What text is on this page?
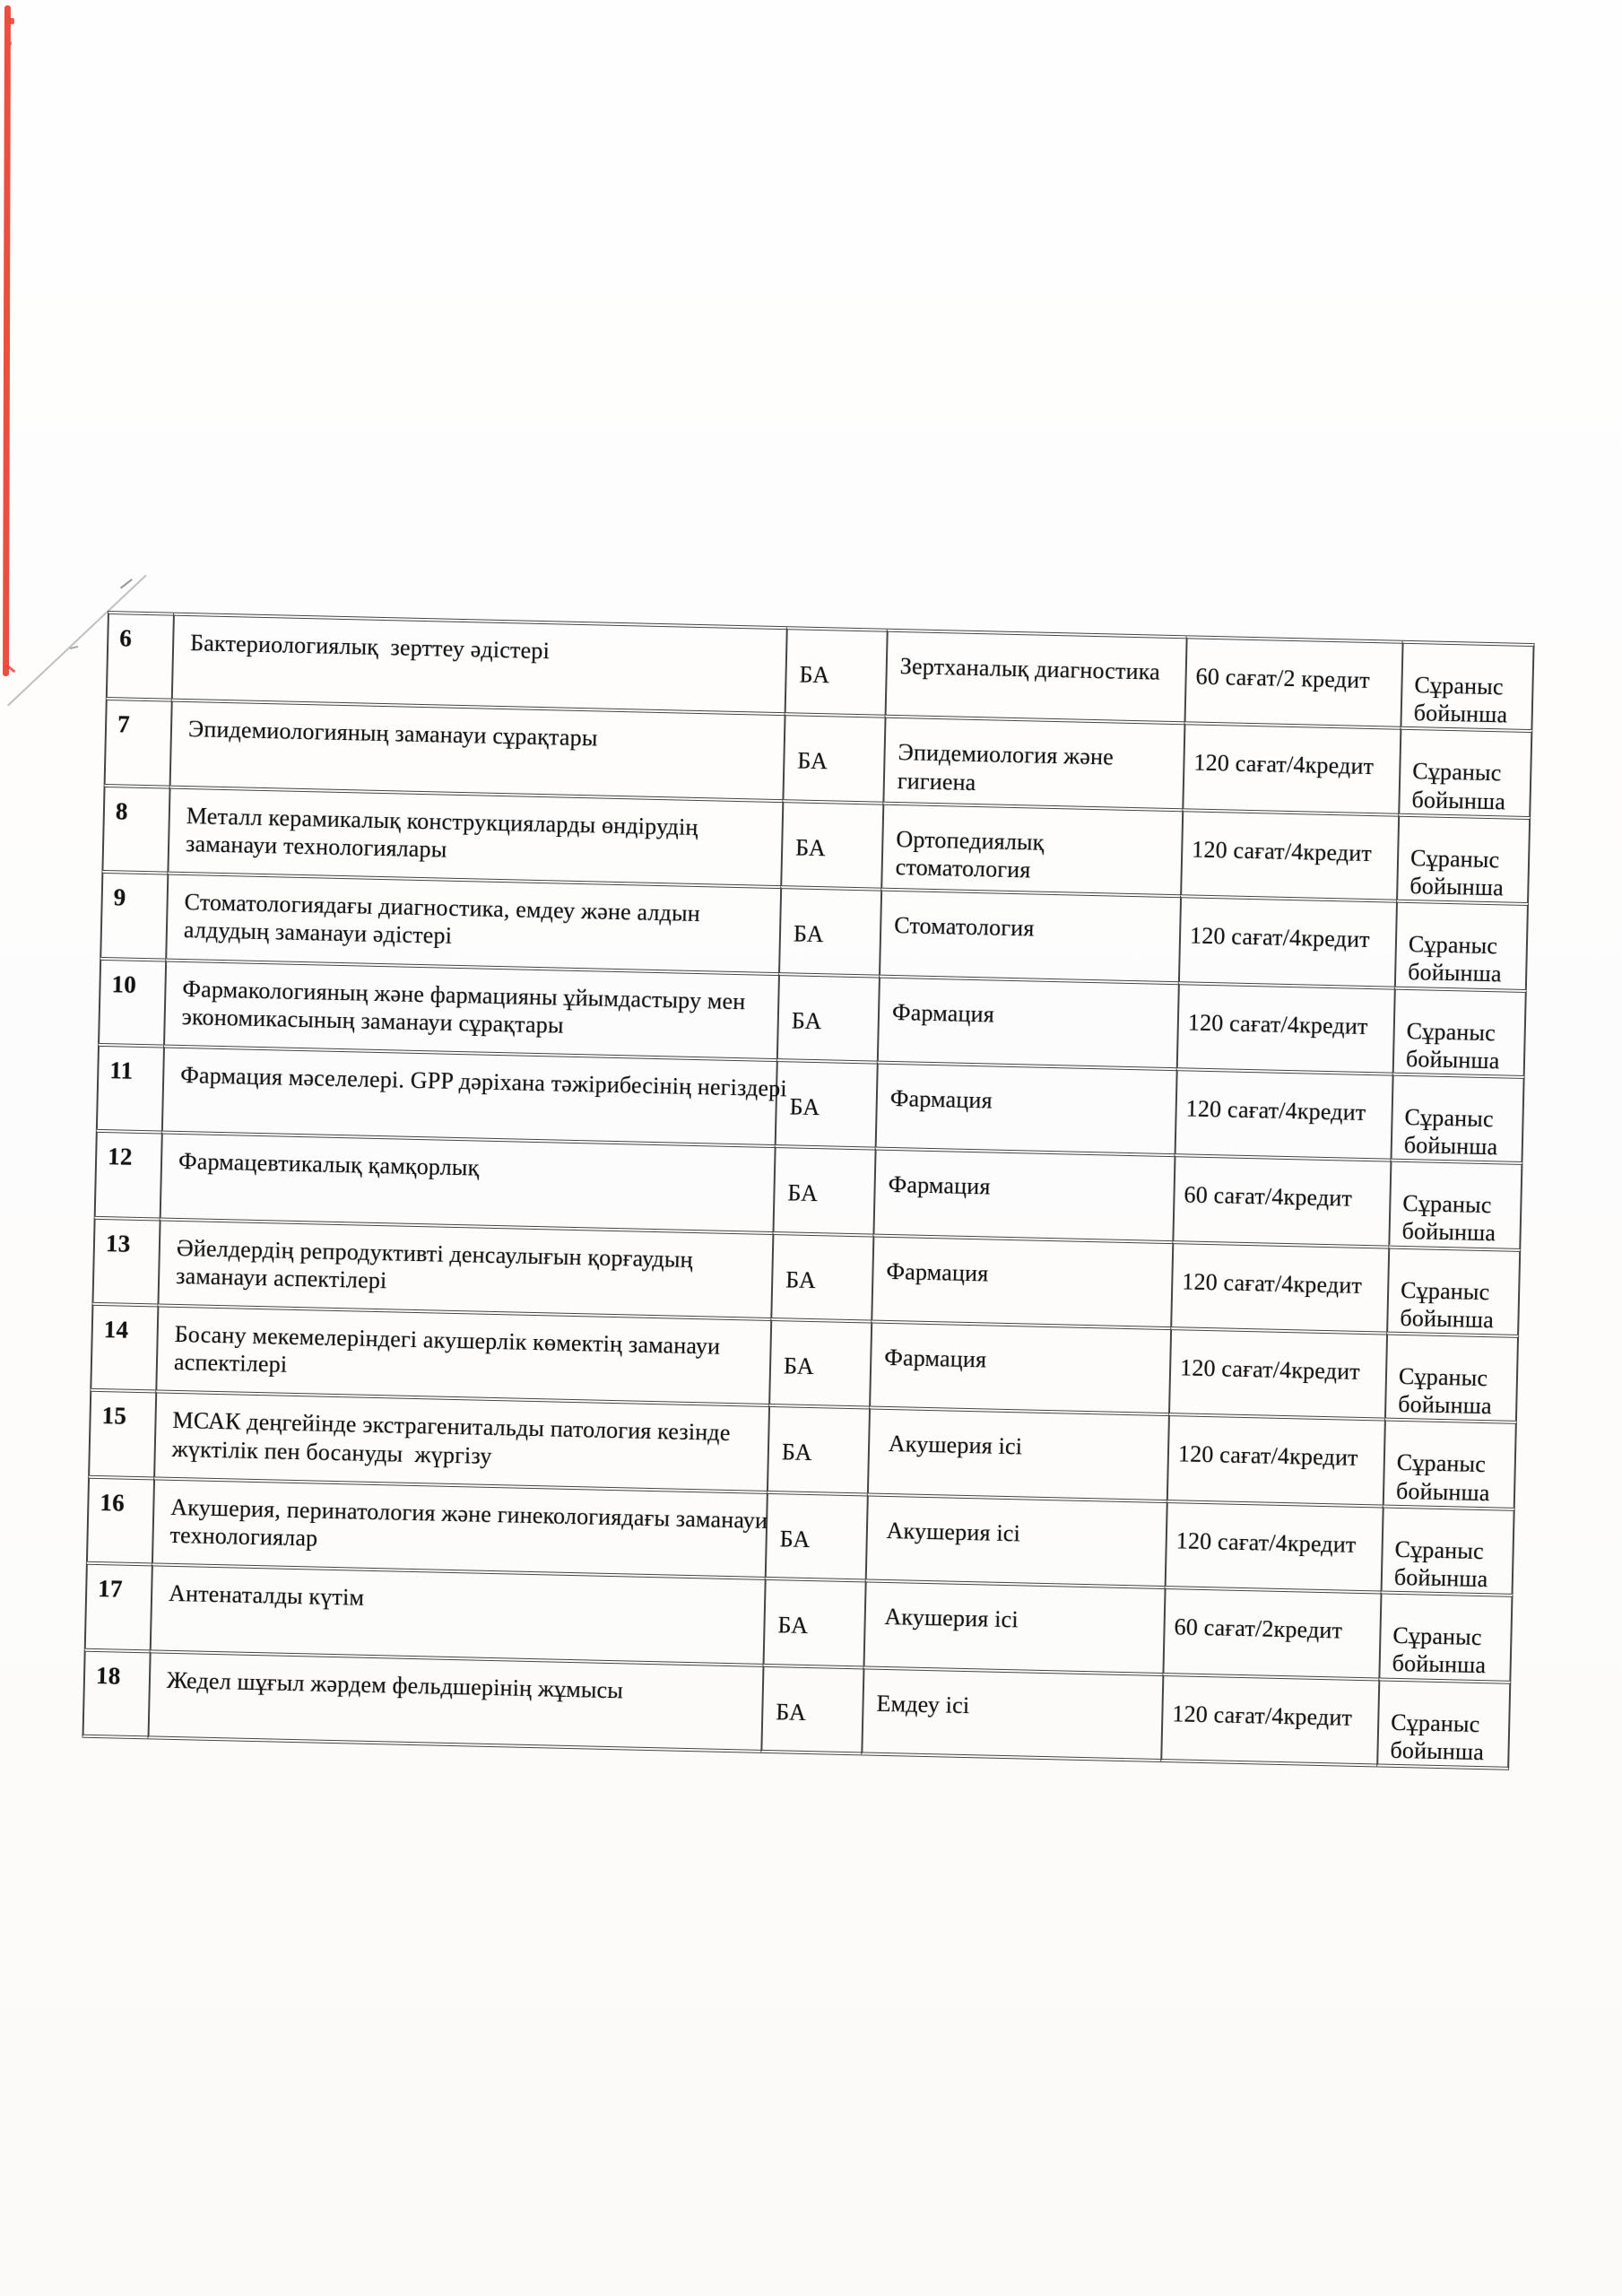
6	Бактериологиялық  зерттеу әдістері	БА	Зертханалық диагностика	60 сағат/2 кредит	Сұраныс
бойынша
7	Эпидемиологияның заманауи сұрақтары	БА	Эпидемиология және
гигиена	120 сағат/4кредит	Сұраныс
бойынша
8	Металл керамикалық конструкцияларды өндірудің
заманауи технологиялары	БА	Ортопедиялық
стоматология	120 сағат/4кредит	Сұраныс
бойынша
9	Стоматологиядағы диагностика, емдеу және алдын
алдудың заманауи әдістері	БА	Стоматология	120 сағат/4кредит	Сұраныс
бойынша
10	Фармакологияның және фармацияны ұйымдастыру мен
экономикасының заманауи сұрақтары	БА	Фармация	120 сағат/4кредит	Сұраныс
бойынша
11	Фармация мәселелері. GPP дәріхана тәжірибесінің негіздері	БА	Фармация	120 сағат/4кредит	Сұраныс
бойынша
12	Фармацевтикалық қамқорлық	БА	Фармация	60 сағат/4кредит	Сұраныс
бойынша
13	Әйелдердің репродуктивті денсаулығын қорғаудың
заманауи аспектілері	БА	Фармация	120 сағат/4кредит	Сұраныс
бойынша
14	Босану мекемелеріндегі акушерлік көмектің заманауи
аспектілері	БА	Фармация	120 сағат/4кредит	Сұраныс
бойынша
15	МСАК деңгейінде экстрагенитальды патология кезінде
жүктілік пен босануды  жүргізу	БА	Акушерия ісі	120 сағат/4кредит	Сұраныс
бойынша
16	Акушерия, перинатология және гинекологиядағы заманауи
технологиялар	БА	Акушерия ісі	120 сағат/4кредит	Сұраныс
бойынша
17	Антенаталды күтім	БА	Акушерия ісі	60 сағат/2кредит	Сұраныс
бойынша
18	Жедел шұғыл жәрдем фельдшерінің жұмысы	БА	Емдеу ісі	120 сағат/4кредит	Сұраныс
бойынша
